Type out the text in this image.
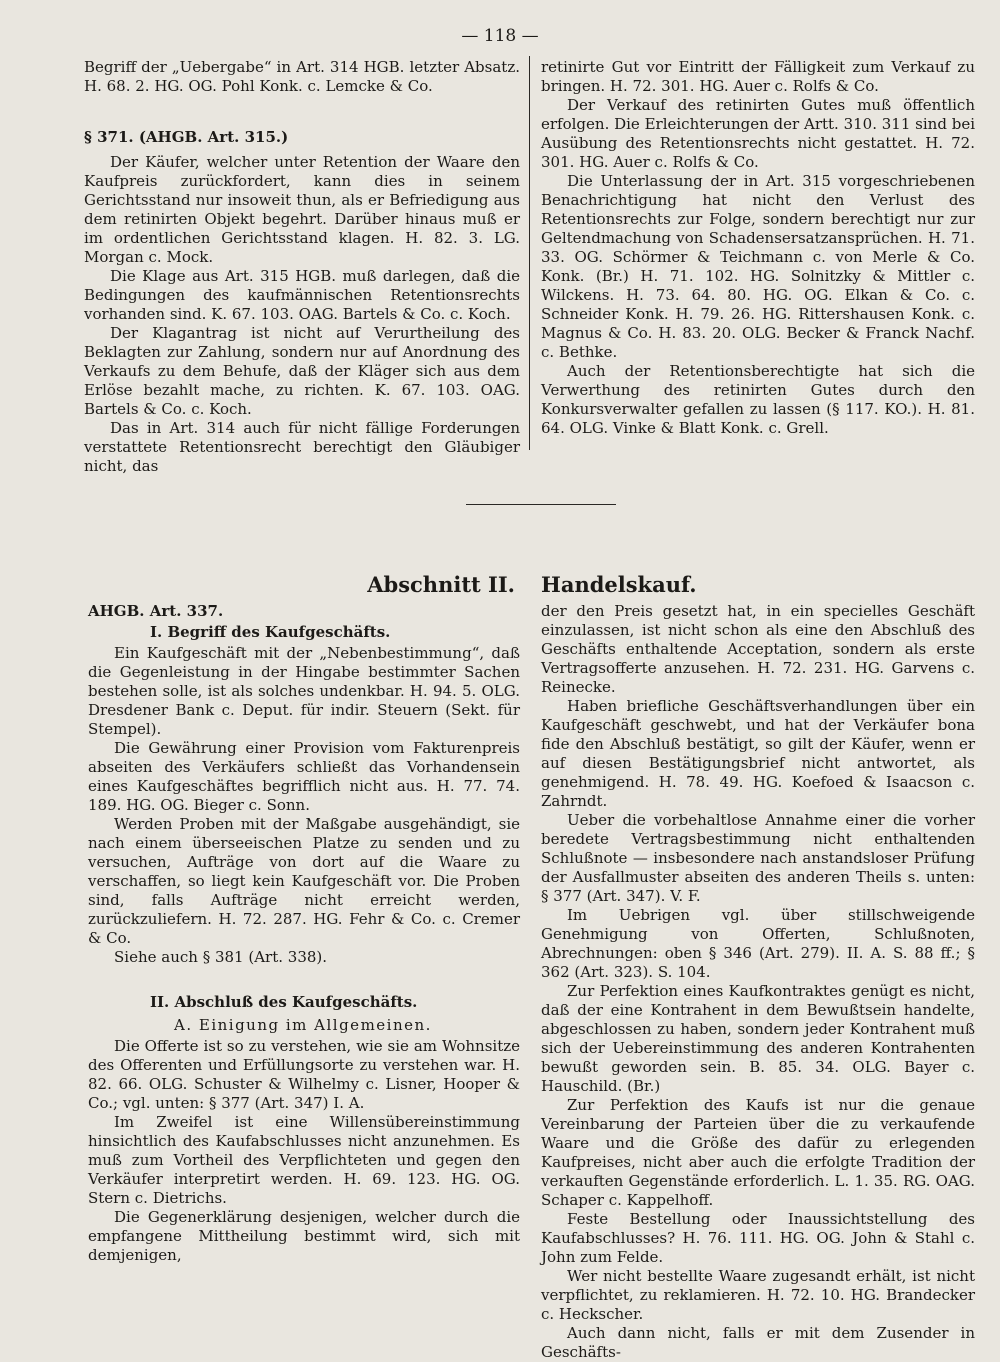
— 118 —

Begriff der „Uebergabe“ in Art. 314 HGB. letzter Absatz. H. 68. 2. HG. OG. Pohl Konk. c. Lemcke & Co.

§ 371. (AHGB. Art. 315.)

Der Käufer, welcher unter Retention der Waare den Kaufpreis zurückfordert, kann dies in seinem Gerichtsstand nur insoweit thun, als er Befriedigung aus dem retinirten Objekt begehrt. Darüber hinaus muß er im ordentlichen Gerichtsstand klagen. H. 82. 3. LG. Morgan c. Mock.

Die Klage aus Art. 315 HGB. muß darlegen, daß die Bedingungen des kaufmännischen Retentionsrechts vorhanden sind. K. 67. 103. OAG. Bartels & Co. c. Koch.

Der Klagantrag ist nicht auf Verurtheilung des Beklagten zur Zahlung, sondern nur auf Anordnung des Verkaufs zu dem Behufe, daß der Kläger sich aus dem Erlöse bezahlt mache, zu richten. K. 67. 103. OAG. Bartels & Co. c. Koch.

Das in Art. 314 auch für nicht fällige Forderungen verstattete Retentionsrecht berechtigt den Gläubiger nicht, das

retinirte Gut vor Eintritt der Fälligkeit zum Verkauf zu bringen. H. 72. 301. HG. Auer c. Rolfs & Co.

Der Verkauf des retinirten Gutes muß öffentlich erfolgen. Die Erleichterungen der Artt. 310. 311 sind bei Ausübung des Retentionsrechts nicht gestattet. H. 72. 301. HG. Auer c. Rolfs & Co.

Die Unterlassung der in Art. 315 vorgeschriebenen Benachrichtigung hat nicht den Verlust des Retentionsrechts zur Folge, sondern berechtigt nur zur Geltendmachung von Schadensersatzansprüchen. H. 71. 33. OG. Schörmer & Teichmann c. von Merle & Co. Konk. (Br.) H. 71. 102. HG. Solnitzky & Mittler c. Wilckens. H. 73. 64. 80. HG. OG. Elkan & Co. c. Schneider Konk. H. 79. 26. HG. Rittershausen Konk. c. Magnus & Co. H. 83. 20. OLG. Becker & Franck Nachf. c. Bethke.

Auch der Retentionsberechtigte hat sich die Verwerthung des retinirten Gutes durch den Konkursverwalter gefallen zu lassen (§ 117. KO.). H. 81. 64. OLG. Vinke & Blatt Konk. c. Grell.

Abschnitt II. Handelskauf.

AHGB. Art. 337.

I. Begriff des Kaufgeschäfts.

Ein Kaufgeschäft mit der „Nebenbestimmung“, daß die Gegenleistung in der Hingabe bestimmter Sachen bestehen solle, ist als solches undenkbar. H. 94. 5. OLG. Dresdener Bank c. Deput. für indir. Steuern (Sekt. für Stempel).

Die Gewährung einer Provision vom Fakturenpreis abseiten des Verkäufers schließt das Vorhandensein eines Kaufgeschäftes begrifflich nicht aus. H. 77. 74. 189. HG. OG. Bieger c. Sonn.

Werden Proben mit der Maßgabe ausgehändigt, sie nach einem überseeischen Platze zu senden und zu versuchen, Aufträge von dort auf die Waare zu verschaffen, so liegt kein Kaufgeschäft vor. Die Proben sind, falls Aufträge nicht erreicht werden, zurückzuliefern. H. 72. 287. HG. Fehr & Co. c. Cremer & Co.

Siehe auch § 381 (Art. 338).

II. Abschluß des Kaufgeschäfts.

A. Einigung im Allgemeinen.

Die Offerte ist so zu verstehen, wie sie am Wohnsitze des Offerenten und Erfüllungsorte zu verstehen war. H. 82. 66. OLG. Schuster & Wilhelmy c. Lisner, Hooper & Co.; vgl. unten: § 377 (Art. 347) I. A.

Im Zweifel ist eine Willensübereinstimmung hinsichtlich des Kaufabschlusses nicht anzunehmen. Es muß zum Vortheil des Verpflichteten und gegen den Verkäufer interpretirt werden. H. 69. 123. HG. OG. Stern c. Dietrichs.

Die Gegenerklärung desjenigen, welcher durch die empfangene Mittheilung bestimmt wird, sich mit demjenigen,

der den Preis gesetzt hat, in ein specielles Geschäft einzulassen, ist nicht schon als eine den Abschluß des Geschäfts enthaltende Acceptation, sondern als erste Vertragsofferte anzusehen. H. 72. 231. HG. Garvens c. Reinecke.

Haben briefliche Geschäftsverhandlungen über ein Kaufgeschäft geschwebt, und hat der Verkäufer bona fide den Abschluß bestätigt, so gilt der Käufer, wenn er auf diesen Bestätigungsbrief nicht antwortet, als genehmigend. H. 78. 49. HG. Koefoed & Isaacson c. Zahrndt.

Ueber die vorbehaltlose Annahme einer die vorher beredete Vertragsbestimmung nicht enthaltenden Schlußnote — insbesondere nach anstandsloser Prüfung der Ausfallmuster abseiten des anderen Theils s. unten: § 377 (Art. 347). V. F.

Im Uebrigen vgl. über stillschweigende Genehmigung von Offerten, Schlußnoten, Abrechnungen: oben § 346 (Art. 279). II. A. S. 88 ff.; § 362 (Art. 323). S. 104.

Zur Perfektion eines Kaufkontraktes genügt es nicht, daß der eine Kontrahent in dem Bewußtsein handelte, abgeschlossen zu haben, sondern jeder Kontrahent muß sich der Uebereinstimmung des anderen Kontrahenten bewußt geworden sein. B. 85. 34. OLG. Bayer c. Hauschild. (Br.)

Zur Perfektion des Kaufs ist nur die genaue Vereinbarung der Parteien über die zu verkaufende Waare und die Größe des dafür zu erlegenden Kaufpreises, nicht aber auch die erfolgte Tradition der verkauften Gegenstände erforderlich. L. 1. 35. RG. OAG. Schaper c. Kappelhoff.

Feste Bestellung oder Inaussichtstellung des Kaufabschlusses? H. 76. 111. HG. OG. John & Stahl c. John zum Felde.

Wer nicht bestellte Waare zugesandt erhält, ist nicht verpflichtet, zu reklamieren. H. 72. 10. HG. Brandecker c. Heckscher.

Auch dann nicht, falls er mit dem Zusender in Geschäfts-
